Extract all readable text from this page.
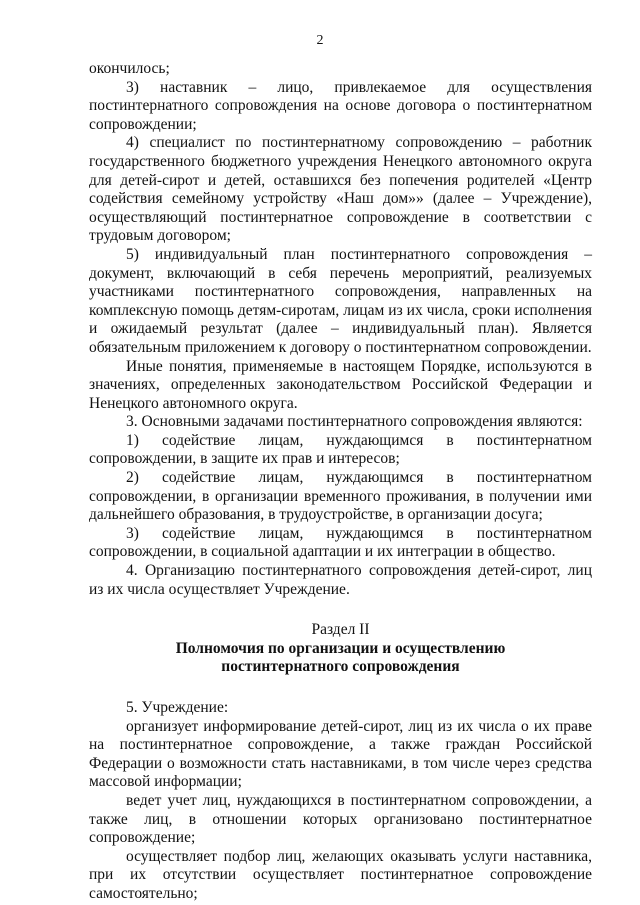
2

окончилось;

3) наставник – лицо, привлекаемое для осуществления постинтернатного сопровождения на основе договора о постинтернатном сопровождении;

4) специалист по постинтернатному сопровождению – работник государственного бюджетного учреждения Ненецкого автономного округа для детей-сирот и детей, оставшихся без попечения родителей «Центр содействия семейному устройству «Наш дом»» (далее – Учреждение), осуществляющий постинтернатное сопровождение в соответствии с трудовым договором;

5) индивидуальный план постинтернатного сопровождения – документ, включающий в себя перечень мероприятий, реализуемых участниками постинтернатного сопровождения, направленных на комплексную помощь детям-сиротам, лицам из их числа, сроки исполнения и ожидаемый результат (далее – индивидуальный план). Является обязательным приложением к договору о постинтернатном сопровождении.

Иные понятия, применяемые в настоящем Порядке, используются в значениях, определенных законодательством Российской Федерации и Ненецкого автономного округа.

3. Основными задачами постинтернатного сопровождения являются:

1) содействие лицам, нуждающимся в постинтернатном сопровождении, в защите их прав и интересов;

2) содействие лицам, нуждающимся в постинтернатном сопровождении, в организации временного проживания, в получении ими дальнейшего образования, в трудоустройстве, в организации досуга;

3) содействие лицам, нуждающимся в постинтернатном сопровождении, в социальной адаптации и их интеграции в общество.

4. Организацию постинтернатного сопровождения детей-сирот, лиц из их числа осуществляет Учреждение.

Раздел II

Полномочия по организации и осуществлению

постинтернатного сопровождения

5. Учреждение:

организует информирование детей-сирот, лиц из их числа о их праве на постинтернатное сопровождение, а также граждан Российской Федерации о возможности стать наставниками, в том числе через средства массовой информации;

ведет учет лиц, нуждающихся в постинтернатном сопровождении, а также лиц, в отношении которых организовано постинтернатное сопровождение;

осуществляет подбор лиц, желающих оказывать услуги наставника, при их отсутствии осуществляет постинтернатное сопровождение самостоятельно;
